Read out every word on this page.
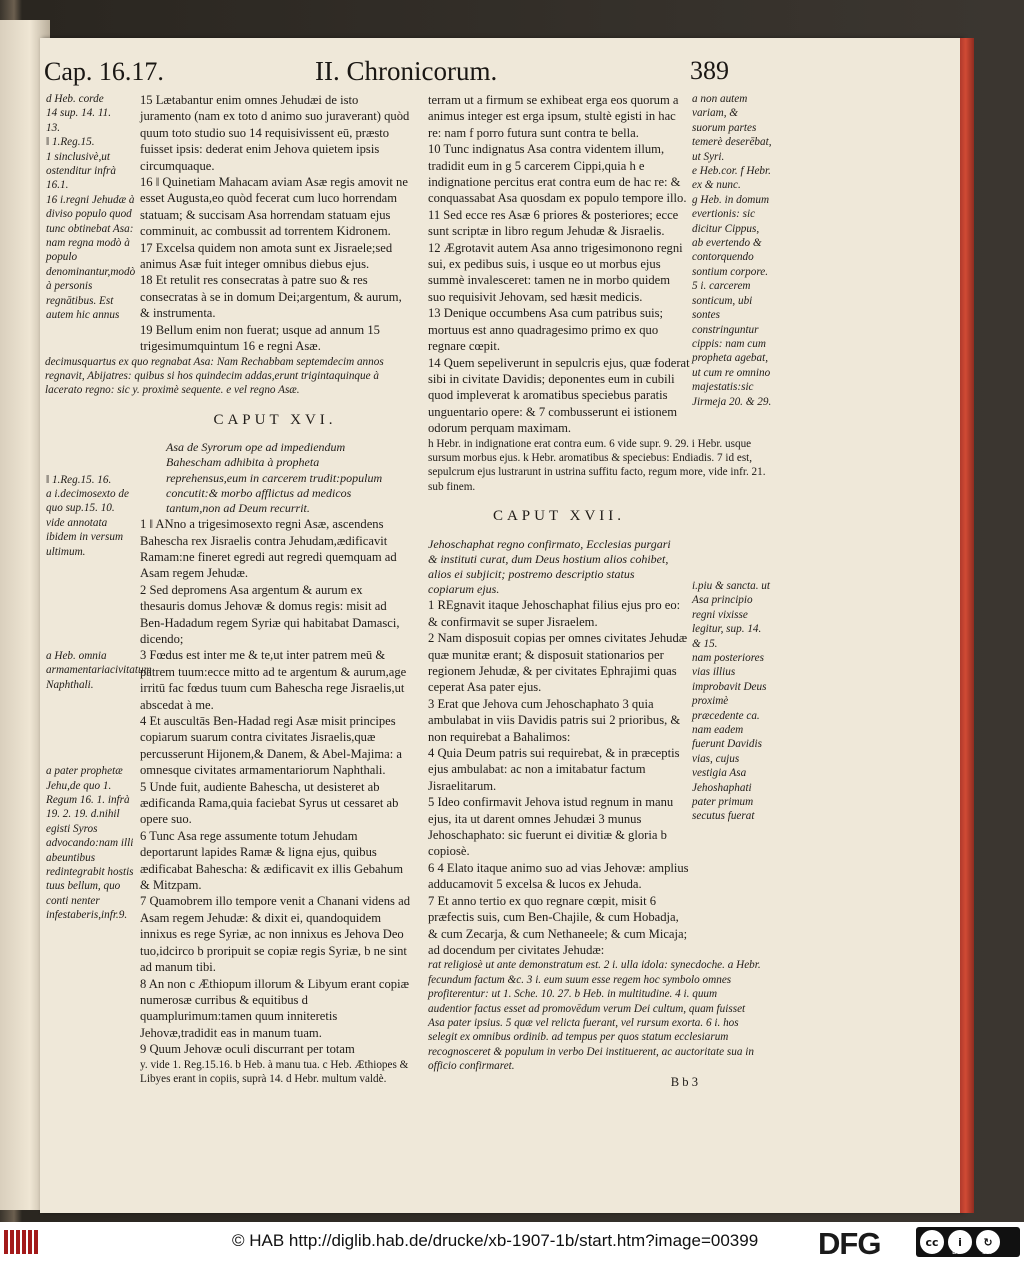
Cap. 16.17.	II. Chronicorum.	389

d Heb. corde

14 sup. 14. 11.

13.

‖ 1.Reg.15.

1 sinclusivè,ut ostenditur infrà 16.1.

16 i.regni Jehudæ à diviso populo quod tunc obtinebat Asa: nam regna modò à populo denominantur,modò à personis regnātibus. Est autem hic annus

‖ 1.Reg.15. 16.

a i.decimosexto de quo sup.15. 10. vide annotata ibidem in versum ultimum.

a Heb. omnia armamentariacivitatum Naphthali.

a pater prophetæ Jehu,de quo 1. Regum 16. 1. infrà 19. 2. 19. d.nihil egisti Syros advocando:nam illi abeuntibus redintegrabit hostis tuus bellum, quo conti nenter infestaberis,infr.9.

15 Lætabantur enim omnes Jehudæi de isto juramento (nam ex toto d animo suo juraverant) quòd quum toto studio suo 14 requisivissent eū, præsto fuisset ipsis: dederat enim Jehova quietem ipsis circumquaque.

16 ‖ Quinetiam Mahacam aviam Asæ regis amovit ne esset Augusta,eo quòd fecerat cum luco horrendam statuam; & succisam Asa horrendam statuam ejus comminuit, ac combussit ad torrentem Kidronem.

17 Excelsa quidem non amota sunt ex Jisraele;sed animus Asæ fuit integer omnibus diebus ejus.

18 Et retulit res consecratas à patre suo & res consecratas à se in domum Dei;argentum, & aurum, & instrumenta.

19 Bellum enim non fuerat; usque ad annum 15 trigesimumquintum 16 e regni Asæ.

decimusquartus ex quo regnabat Asa: Nam Rechabbam septemdecim annos regnavit, Abijatres: quibus si hos quindecim addas,erunt trigintaquinque à lacerato regno: sic y. proximè sequente. e vel regno Asæ.

CAPUT XVI.

Asa de Syrorum ope ad impediendum Bahescham adhibita à propheta reprehensus,eum in carcerem trudit:populum concutit:& morbo afflictus ad medicos tantum,non ad Deum recurrit.

1 ‖ ANno a trigesimosexto regni Asæ, ascendens Bahescha rex Jisraelis contra Jehudam,ædificavit Ramam:ne fineret egredi aut regredi quemquam ad Asam regem Jehudæ.

2 Sed depromens Asa argentum & aurum ex thesauris domus Jehovæ & domus regis: misit ad Ben-Hadadum regem Syriæ qui habitabat Damasci, dicendo;

3 Fœdus est inter me & te,ut inter patrem meū & patrem tuum:ecce mitto ad te argentum & aurum,age irritū fac fœdus tuum cum Bahescha rege Jisraelis,ut abscedat à me.

4 Et auscultās Ben-Hadad regi Asæ misit principes copiarum suarum contra civitates Jisraelis,quæ percusserunt Hijonem,& Danem, & Abel-Majima: a omnesque civitates armamentariorum Naphthali.

5 Unde fuit, audiente Bahescha, ut desisteret ab ædificanda Rama,quia faciebat Syrus ut cessaret ab opere suo.

6 Tunc Asa rege assumente totum Jehudam deportarunt lapides Ramæ & ligna ejus, quibus ædificabat Bahescha: & ædificavit ex illis Gebahum & Mitzpam.

7 Quamobrem illo tempore venit a Chanani videns ad Asam regem Jehudæ: & dixit ei, quandoquidem innixus es rege Syriæ, ac non innixus es Jehova Deo tuo,idcirco b proripuit se copiæ regis Syriæ, b ne sint ad manum tibi.

8 An non c Æthiopum illorum & Libyum erant copiæ numerosæ curribus & equitibus d quamplurimum:tamen quum inniteretis Jehovæ,tradidit eas in manum tuam.

9 Quum Jehovæ oculi discurrant per totam

y. vide 1. Reg.15.16. b Heb. à manu tua. c Heb. Æthiopes & Libyes erant in copiis, suprà 14. d Hebr. multum valdè.

terram ut a firmum se exhibeat erga eos quorum a animus integer est erga ipsum, stultè egisti in hac re: nam f porro futura sunt contra te bella.

10 Tunc indignatus Asa contra videntem illum, tradidit eum in g 5 carcerem Cippi,quia h e indignatione percitus erat contra eum de hac re: & conquassabat Asa quosdam ex populo tempore illo.

11 Sed ecce res Asæ 6 priores & posteriores; ecce sunt scriptæ in libro regum Jehudæ & Jisraelis.

12 Ægrotavit autem Asa anno trigesimonono regni sui, ex pedibus suis, i usque eo ut morbus ejus summè invalesceret: tamen ne in morbo quidem suo requisivit Jehovam, sed hæsit medicis.

13 Denique occumbens Asa cum patribus suis; mortuus est anno quadragesimo primo ex quo regnare cœpit.

14 Quem sepeliverunt in sepulcris ejus, quæ foderat sibi in civitate Davidis; deponentes eum in cubili quod impleverat k aromatibus speciebus paratis unguentario opere: & 7 combusserunt ei istionem odorum perquam maximam.

h Hebr. in indignatione erat contra eum. 6 vide supr. 9. 29. i Hebr. usque sursum morbus ejus. k Hebr. aromatibus & speciebus: Endiadis. 7 id est, sepulcrum ejus lustrarunt in ustrina suffitu facto, regum more, vide infr. 21. sub finem.

CAPUT XVII.

Jehoschaphat regno confirmato, Ecclesias purgari & instituti curat, dum Deus hostium alios cohibet, alios ei subjicit; postremo descriptio status copiarum ejus.

1 REgnavit itaque Jehoschaphat filius ejus pro eo: & confirmavit se super Jisraelem.

2 Nam disposuit copias per omnes civitates Jehudæ quæ munitæ erant; & disposuit stationarios per regionem Jehudæ, & per civitates Ephrajimi quas ceperat Asa pater ejus.

3 Erat que Jehova cum Jehoschaphato 3 quia ambulabat in viis Davidis patris sui 2 prioribus, & non requirebat a Bahalimos:

4 Quia Deum patris sui requirebat, & in præceptis ejus ambulabat: ac non a imitabatur factum Jisraelitarum.

5 Ideo confirmavit Jehova istud regnum in manu ejus, ita ut darent omnes Jehudæi 3 munus Jehoschaphato: sic fuerunt ei divitiæ & gloria b copiosè.

6 4 Elato itaque animo suo ad vias Jehovæ: amplius adducamovit 5 excelsa & lucos ex Jehuda.

7 Et anno tertio ex quo regnare cœpit, misit 6 præfectis suis, cum Ben-Chajile, & cum Hobadja, & cum Zecarja, & cum Nethaneele; & cum Micaja; ad docendum per civitates Jehudæ:

rat religiosè ut ante demonstratum est. 2 i. ulla idola: synecdoche. a Hebr. fecundum factum &c. 3 i. eum suum esse regem hoc symbolo omnes profiterentur: ut 1. Sche. 10. 27. b Heb. in multitudine. 4 i. quum audentior factus esset ad promovēdum verum Dei cultum, quam fuisset Asa pater ipsius. 5 quæ vel relicta fuerant, vel rursum exorta. 6 i. hos selegit ex omnibus ordinib. ad tempus per quos statum ecclesiarum recognosceret & populum in verbo Dei instituerent, ac auctoritate sua in officio confirmaret.

B b 3

a non autem variam, & suorum partes temerè deserēbat, ut Syri.

e Heb.cor. f Hebr. ex & nunc.

g Heb. in domum evertionis: sic dicitur Cippus, ab evertendo & contorquendo sontium corpore.

5 i. carcerem sonticum, ubi sontes constringuntur cippis: nam cum propheta agebat, ut cum re omnino majestatis:sic Jirmeja 20. & 29.

i.piu & sancta. ut Asa principio regni vixisse legitur, sup. 14. & 15.

nam posteriores vias illius improbavit Deus proximè præcedente ca. nam eadem fuerunt Davidis

vias, cujus vestigia Asa Jehoshaphati pater primum secutus fuerat

© HAB http://diglib.hab.de/drucke/xb-1907-1b/start.htm?image=00399 DFG	cc	i	↻
BY	SA
